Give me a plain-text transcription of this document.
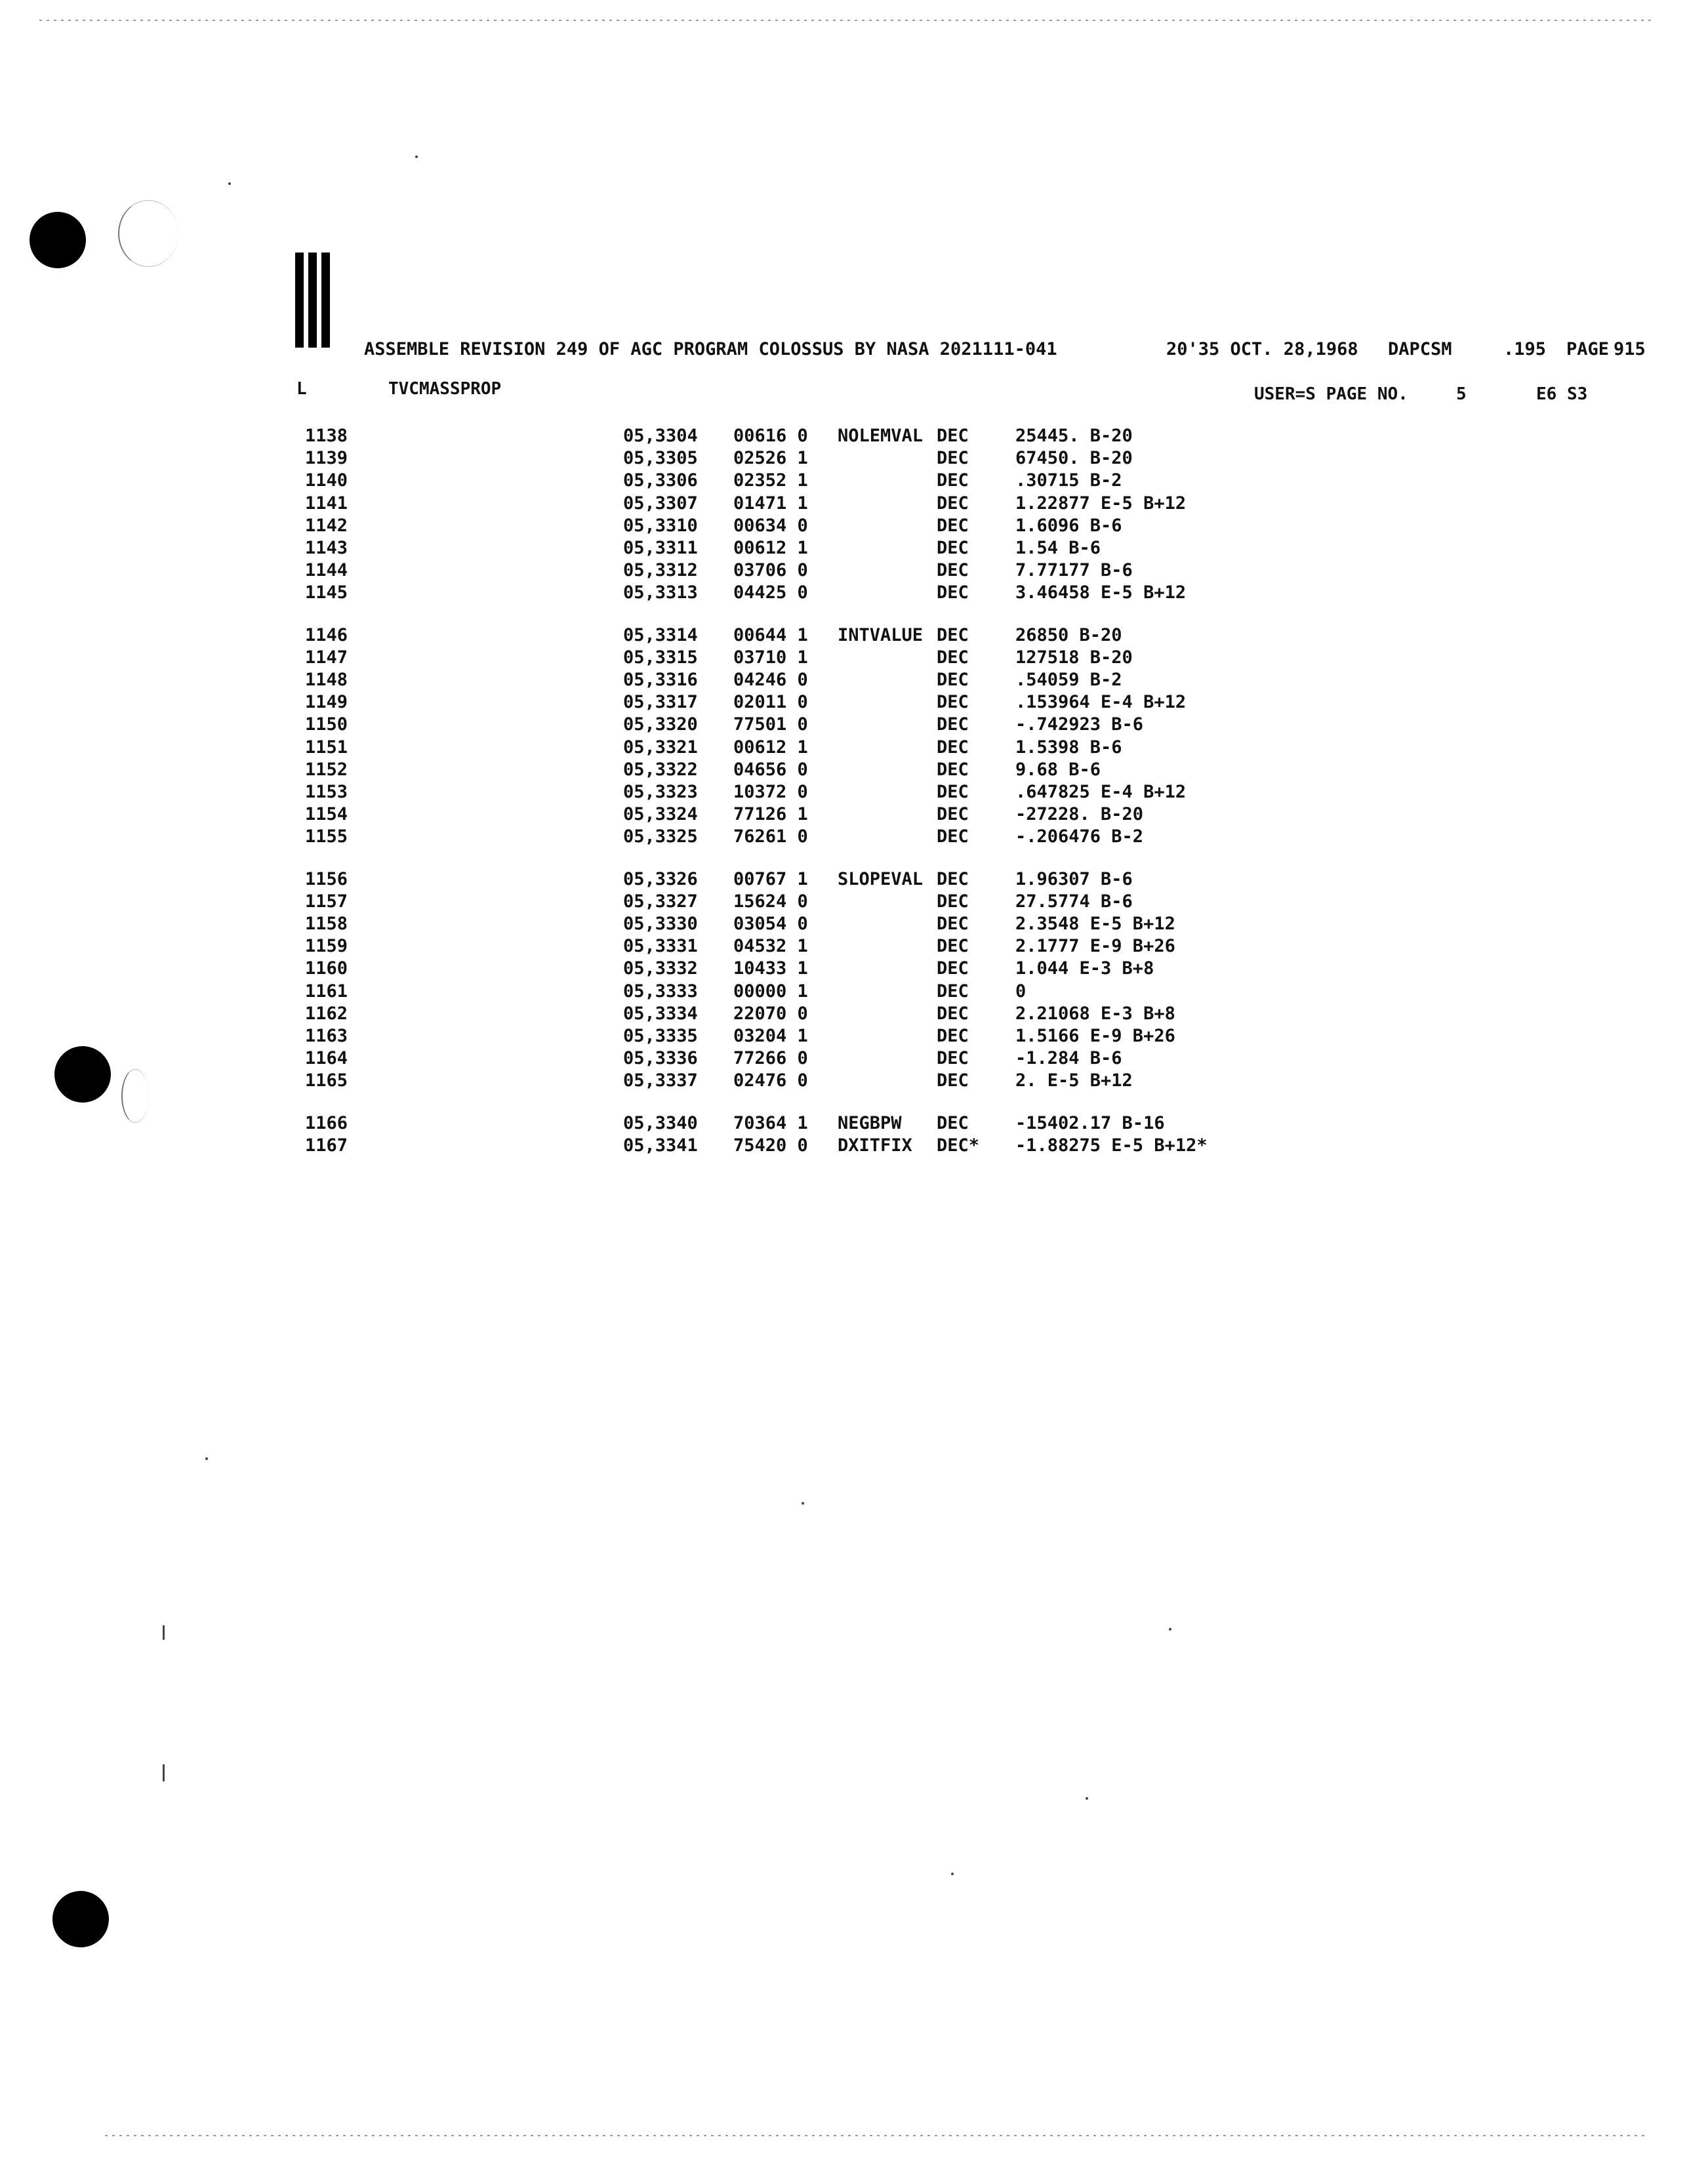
ASSEMBLE REVISION 249 OF AGC PROGRAM COLOSSUS BY NASA 2021111-041	20'35 OCT. 28,1968 DAPCSM	.195 PAGE 915
L	TVCMASSPROP	USER=S PAGE NO.	5	E6 S3
1138	05,3304 00616 0 NOLEMVAL DEC	25445. B-20
1139	05,3305 02526 1	DEC	67450. B-20
1140	05,3306 02352 1	DEC	.30715 B-2
1141	05,3307 01471 1	DEC	1.22877 E-5 B+12
1142	05,3310 00634 0	DEC	1.6096 B-6
1143	05,3311 00612 1	DEC	1.54 B-6
1144	05,3312 03706 0	DEC	7.77177 B-6
1145	05,3313 04425 0	DEC	3.46458 E-5 B+12
1146	05,3314 00644 1 INTVALUE DEC	26850 B-20
1147	05,3315 03710 1	DEC	127518 B-20
1148	05,3316 04246 0	DEC	.54059 B-2
1149	05,3317 02011 0	DEC	.153964 E-4 B+12
1150	05,3320 77501 0	DEC	-.742923 B-6
1151	05,3321 00612 1	DEC	1.5398 B-6
1152	05,3322 04656 0	DEC	9.68 B-6
1153	05,3323 10372 0	DEC	.647825 E-4 B+12
1154	05,3324 77126 1	DEC	-27228. B-20
1155	05,3325 76261 0	DEC	-.206476 B-2
1156	05,3326 00767 1 SLOPEVAL DEC	1.96307 B-6
1157	05,3327 15624 0	DEC	27.5774 B-6
1158	05,3330 03054 0	DEC	2.3548 E-5 B+12
1159	05,3331 04532 1	DEC	2.1777 E-9 B+26
1160	05,3332 10433 1	DEC	1.044 E-3 B+8
1161	05,3333 00000 1	DEC	0
1162	05,3334 22070 0	DEC	2.21068 E-3 B+8
1163	05,3335 03204 1	DEC	1.5166 E-9 B+26
1164	05,3336 77266 0	DEC	-1.284 B-6
1165	05,3337 02476 0	DEC	2. E-5 B+12
1166	05,3340 70364 1 NEGBPW DEC	-15402.17 B-16
1167	05,3341 75420 0 DXITFIX DEC* -1.88275 E-5 B+12*
